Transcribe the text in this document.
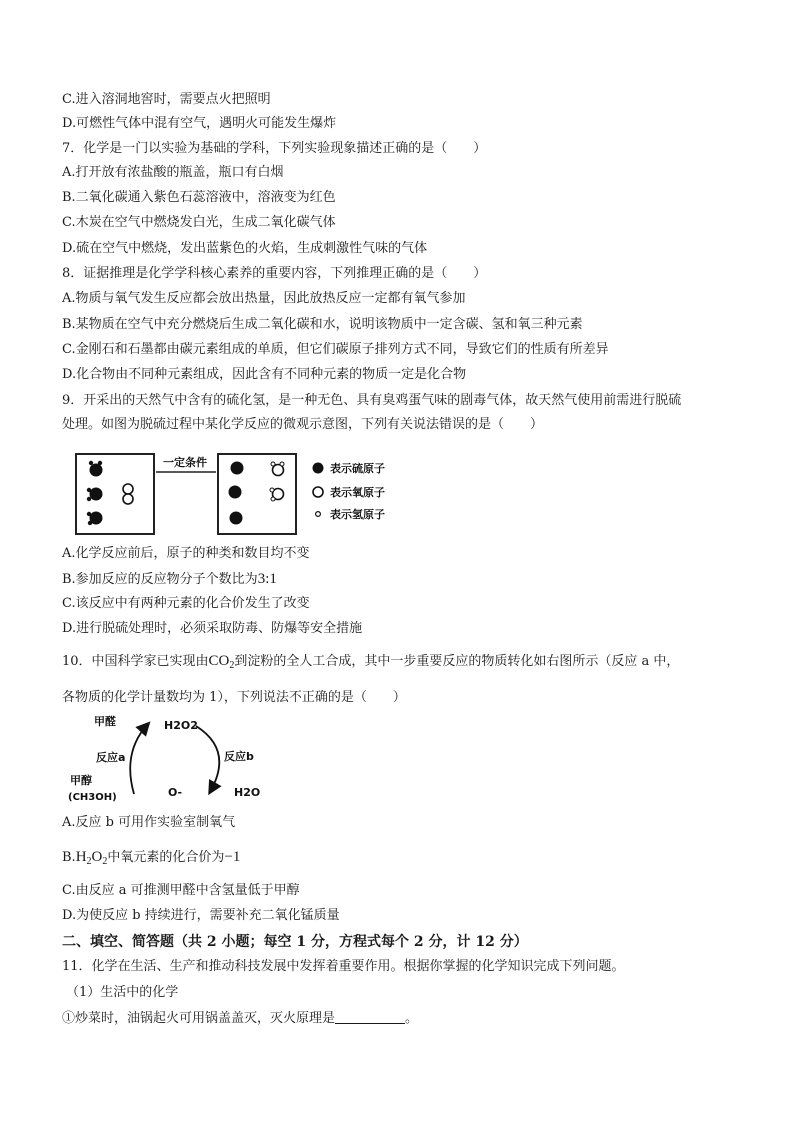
C.进入溶洞地窖时，需要点火把照明
D.可燃性气体中混有空气，遇明火可能发生爆炸
7．化学是一门以实验为基础的学科，下列实验现象描述正确的是（　　）
A.打开放有浓盐酸的瓶盖，瓶口有白烟
B.二氧化碳通入紫色石蕊溶液中，溶液变为红色
C.木炭在空气中燃烧发白光，生成二氧化碳气体
D.硫在空气中燃烧，发出蓝紫色的火焰，生成刺激性气味的气体
8．证据推理是化学学科核心素养的重要内容，下列推理正确的是（　　）
A.物质与氧气发生反应都会放出热量，因此放热反应一定都有氧气参加
B.某物质在空气中充分燃烧后生成二氧化碳和水，说明该物质中一定含碳、氢和氧三种元素
C.金刚石和石墨都由碳元素组成的单质，但它们碳原子排列方式不同，导致它们的性质有所差异
D.化合物由不同种元素组成，因此含有不同种元素的物质一定是化合物
9．开采出的天然气中含有的硫化氢，是一种无色、具有臭鸡蛋气味的剧毒气体，故天然气使用前需进行脱硫
处理。如图为脱硫过程中某化学反应的微观示意图，下列有关说法错误的是（　　）
一定条件	表示硫原子
表示氧原子
表示氢原子
A.化学反应前后，原子的种类和数目均不变
B.参加反应的反应物分子个数比为3:1
C.该反应中有两种元素的化合价发生了改变
D.进行脱硫处理时，必须采取防毒、防爆等安全措施
10．中国科学家已实现由$CO_2$到淀粉的全人工合成，其中一步重要反应的物质转化如右图所示（反应 a 中，
各物质的化学计量数均为 1），下列说法不正确的是（　　）
甲醛
反应a
甲醇
(CH3OH)
H2O2
反应b
O-	H2O
A.反应 b 可用作实验室制氧气
$B.H_2O_2$中氧元素的化合价为−1
C.由反应 a 可推测甲醛中含氢量低于甲醇
D.为使反应 b 持续进行，需要补充二氧化锰质量
二、填空、简答题（共 2 小题；每空 1 分，方程式每个 2 分，计 12 分）
11．化学在生活、生产和推动科技发展中发挥着重要作用。根据你掌握的化学知识完成下列问题。
（1）生活中的化学
①炒菜时，油锅起火可用锅盖盖灭，灭火原理是	。
